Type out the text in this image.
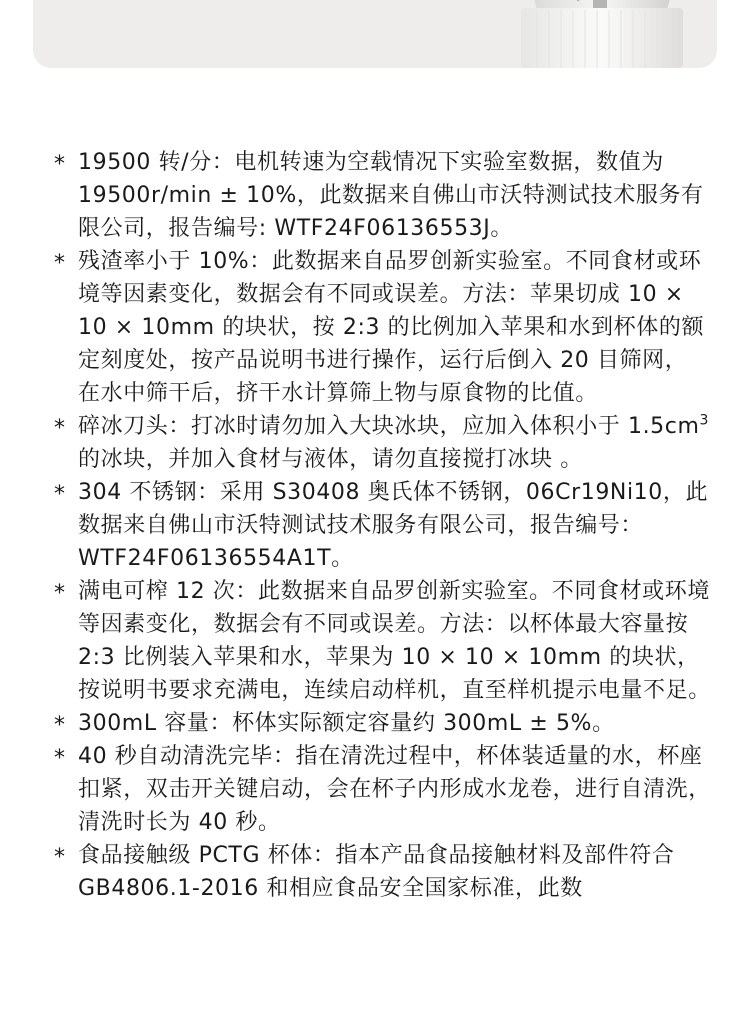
* 19500 转/分：电机转速为空载情况下实验室数据，数值为19500r/min ± 10%，此数据来自佛山市沃特测试技术服务有限公司，报告编号: WTF24F06136553J。
* 残渣率小于 10%：此数据来自品罗创新实验室。不同食材或环境等因素变化，数据会有不同或误差。方法：苹果切成 10 × 10 × 10mm 的块状，按 2:3 的比例加入苹果和水到杯体的额定刻度处，按产品说明书进行操作，运行后倒入 20 目筛网， 在水中筛干后，挤干水计算筛上物与原食物的比值。
* 碎冰刀头：打冰时请勿加入大块冰块，应加入体积小于 $1.5cm^3$ 的冰块，并加入食材与液体，请勿直接搅打冰块 。
* 304 不锈钢：采用 S30408 奥氏体不锈钢，06Cr19Ni10，此数据来自佛山市沃特测试技术服务有限公司，报告编号：WTF24F06136554A1T。
* 满电可榨 12 次：此数据来自品罗创新实验室。不同食材或环境等因素变化，数据会有不同或误差。方法：以杯体最大容量按 2:3 比例装入苹果和水，苹果为 10 × 10 × 10mm 的块状，按说明书要求充满电，连续启动样机，直至样机提示电量不足。
* 300mL 容量：杯体实际额定容量约 300mL ± 5%。
* 40 秒自动清洗完毕：指在清洗过程中，杯体装适量的水，杯座扣紧，双击开关键启动，会在杯子内形成水龙卷，进行自清洗，清洗时长为 40 秒。
* 食品接触级 PCTG 杯体：指本产品食品接触材料及部件符合 GB4806.1-2016 和相应食品安全国家标准，此数
